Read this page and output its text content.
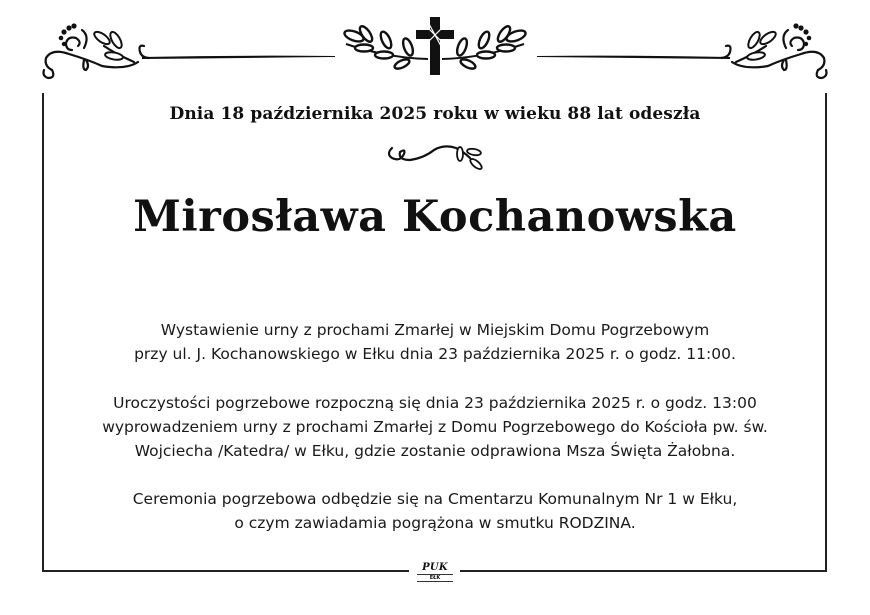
Dnia 18 października 2025 roku w wieku 88 lat odeszła
Mirosława Kochanowska
Wystawienie urny z prochami Zmarłej w Miejskim Domu Pogrzebowym
przy ul. J. Kochanowskiego w Ełku dnia 23 października 2025 r. o godz. 11:00.
Uroczystości pogrzebowe rozpoczną się dnia 23 października 2025 r. o godz. 13:00
wyprowadzeniem urny z prochami Zmarłej z Domu Pogrzebowego do Kościoła pw. św.
Wojciecha /Katedra/ w Ełku, gdzie zostanie odprawiona Msza Święta Żałobna.
Ceremonia pogrzebowa odbędzie się na Cmentarzu Komunalnym Nr 1 w Ełku,
o czym zawiadamia pogrążona w smutku RODZINA.
PUK
EŁK
